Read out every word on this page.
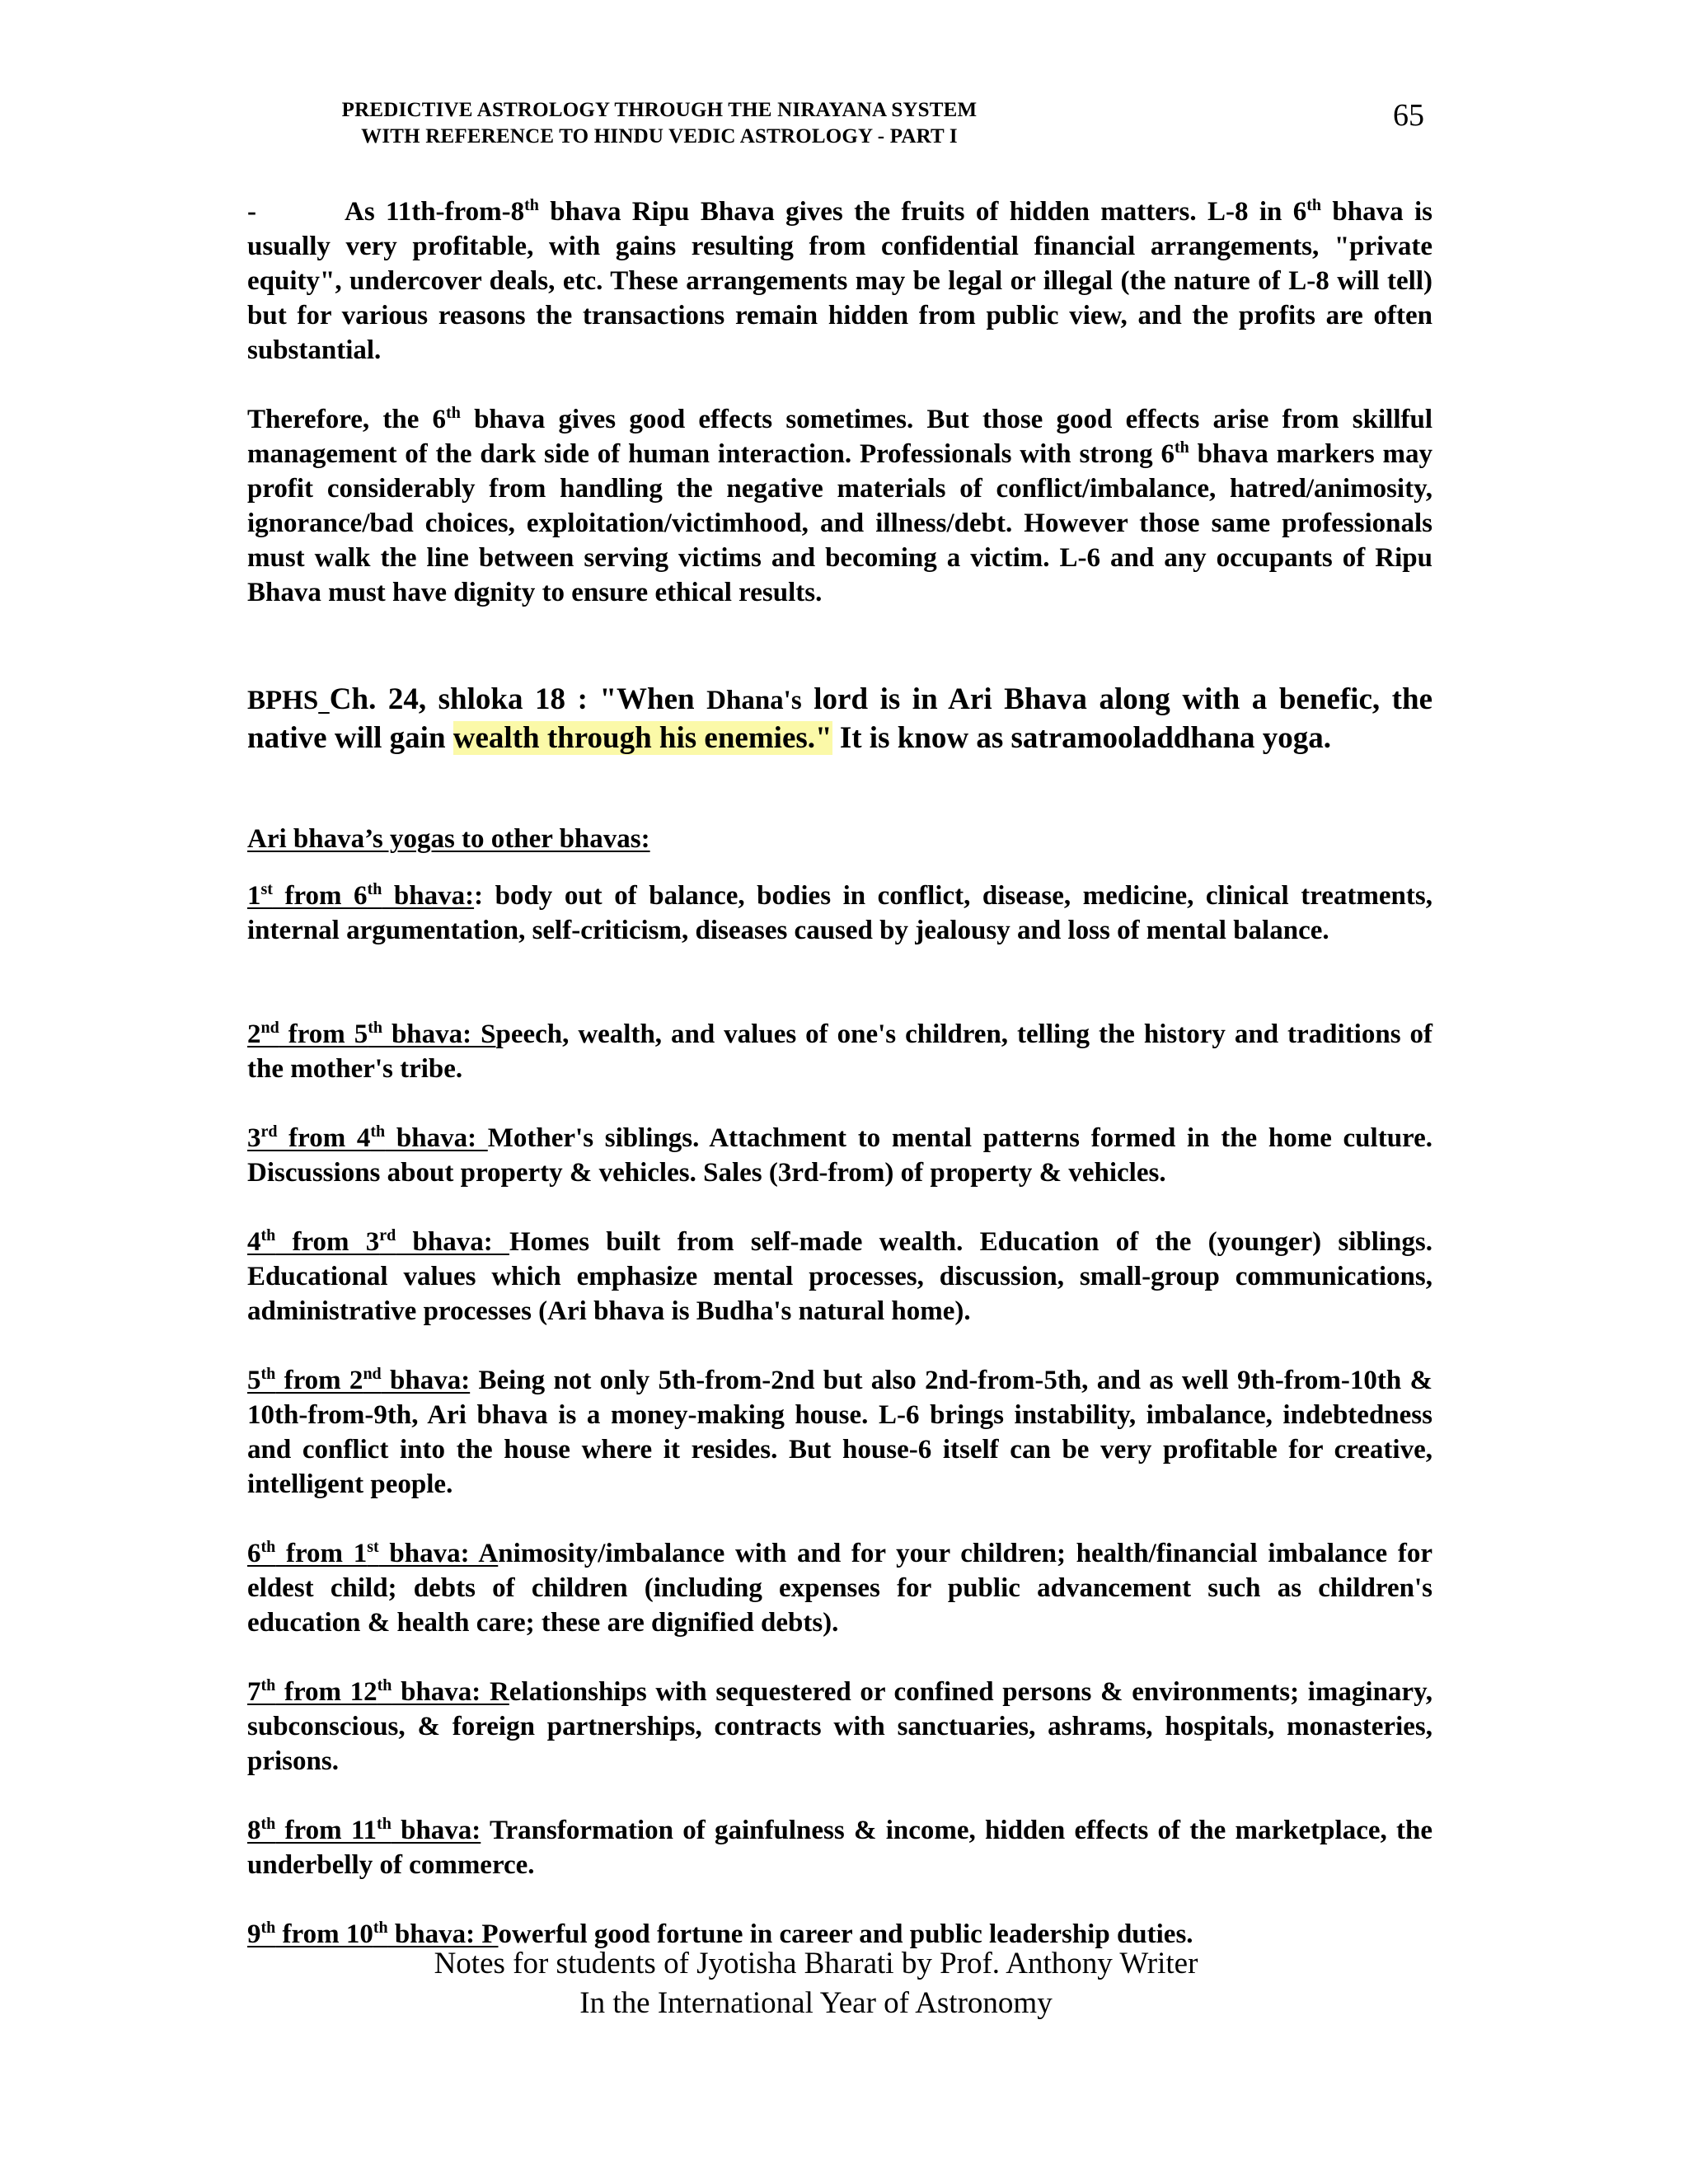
PREDICTIVE ASTROLOGY THROUGH THE NIRAYANA SYSTEM
WITH REFERENCE TO HINDU VEDIC ASTROLOGY - PART I
65

-	As 11th-from-8th bhava Ripu Bhava gives the fruits of hidden matters. L-8 in 6th bhava is usually very profitable, with gains resulting from confidential financial arrangements, "private equity", undercover deals, etc. These arrangements may be legal or illegal (the nature of L-8 will tell) but for various reasons the transactions remain hidden from public view, and the profits are often substantial.

Therefore, the 6th bhava gives good effects sometimes. But those good effects arise from skillful management of the dark side of human interaction. Professionals with strong 6th bhava markers may profit considerably from handling the negative materials of conflict/imbalance, hatred/animosity, ignorance/bad choices, exploitation/victimhood, and illness/debt. However those same professionals must walk the line between serving victims and becoming a victim. L-6 and any occupants of Ripu Bhava must have dignity to ensure ethical results.

BPHS Ch. 24, shloka 18 : "When Dhana's lord is in Ari Bhava along with a benefic, the native will gain wealth through his enemies." It is know as satramooladdhana yoga.

Ari bhava’s yogas to other bhavas:

1st from 6th bhava:: body out of balance, bodies in conflict, disease, medicine, clinical treatments, internal argumentation, self-criticism, diseases caused by jealousy and loss of mental balance.

2nd from 5th bhava: Speech, wealth, and values of one's children, telling the history and traditions of the mother's tribe.

3rd from 4th bhava: Mother's siblings. Attachment to mental patterns formed in the home culture. Discussions about property & vehicles. Sales (3rd-from) of property & vehicles.

4th from 3rd bhava: Homes built from self-made wealth. Education of the (younger) siblings. Educational values which emphasize mental processes, discussion, small-group communications, administrative processes (Ari bhava is Budha's natural home).

5th from 2nd bhava: Being not only 5th-from-2nd but also 2nd-from-5th, and as well 9th-from-10th & 10th-from-9th, Ari bhava is a money-making house. L-6 brings instability, imbalance, indebtedness and conflict into the house where it resides. But house-6 itself can be very profitable for creative, intelligent people.

6th from 1st bhava: Animosity/imbalance with and for your children; health/financial imbalance for eldest child; debts of children (including expenses for public advancement such as children's education & health care; these are dignified debts).

7th from 12th bhava: Relationships with sequestered or confined persons & environments; imaginary, subconscious, & foreign partnerships, contracts with sanctuaries, ashrams, hospitals, monasteries, prisons.

8th from 11th bhava: Transformation of gainfulness & income, hidden effects of the marketplace, the underbelly of commerce.

9th from 10th bhava: Powerful good fortune in career and public leadership duties.

Notes for students of Jyotisha Bharati by Prof. Anthony Writer
In the International Year of Astronomy
